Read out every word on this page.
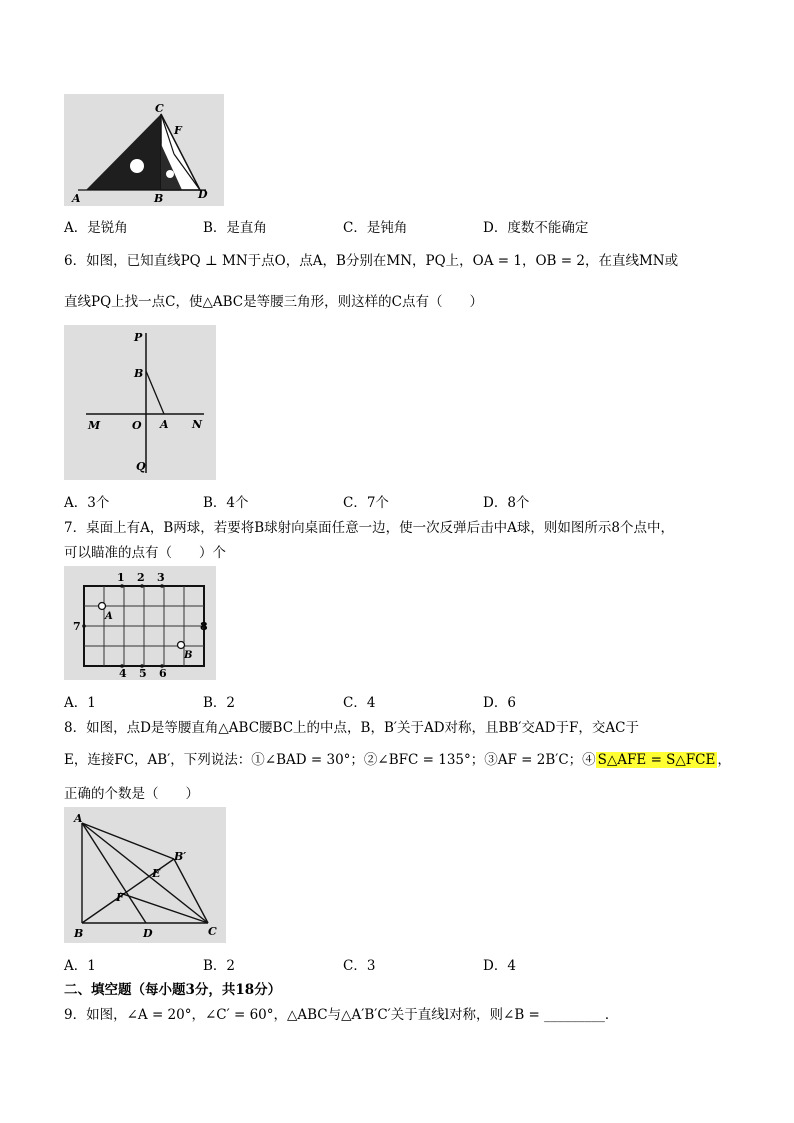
A	B
C
D
F
A．是锐角	B．是直角	C．是钝角	D．度数不能确定
6．如图，已知直线PQ ⊥ MN于点O，点A，B分别在MN，PQ上，OA = 1，OB = 2，在直线MN或
直线PQ上找一点C，使△ABC是等腰三角形，则这样的C点有（　　）
P
B
M	O A N
Q
A．3个	B．4个	C．7个	D．8个
7．桌面上有A，B两球，若要将B球射向桌面任意一边，使一次反弹后击中A球，则如图所示8个点中，
可以瞄准的点有（　　）个
1 2 3
4 5 6
7	8
A
B
A．1	B．2	C．4	D．6
8．如图，点D是等腰直角△ABC腰BC上的中点，B，B′关于AD对称，且BB′交AD于F，交AC于
E，连接FC，AB′，下列说法：①∠BAD = 30°；②∠BFC = 135°；③AF = 2B′C；④ S△AFE = S△FCE ，
正确的个数是（　　）
A
B	C
D
E
F
B′
A．1	B．2	C．3	D．4
二、填空题（每小题3分，共18分）
9．如图，∠A = 20°，∠C′ = 60°，△ABC与△A′B′C′关于直线l对称，则∠B = _________．
